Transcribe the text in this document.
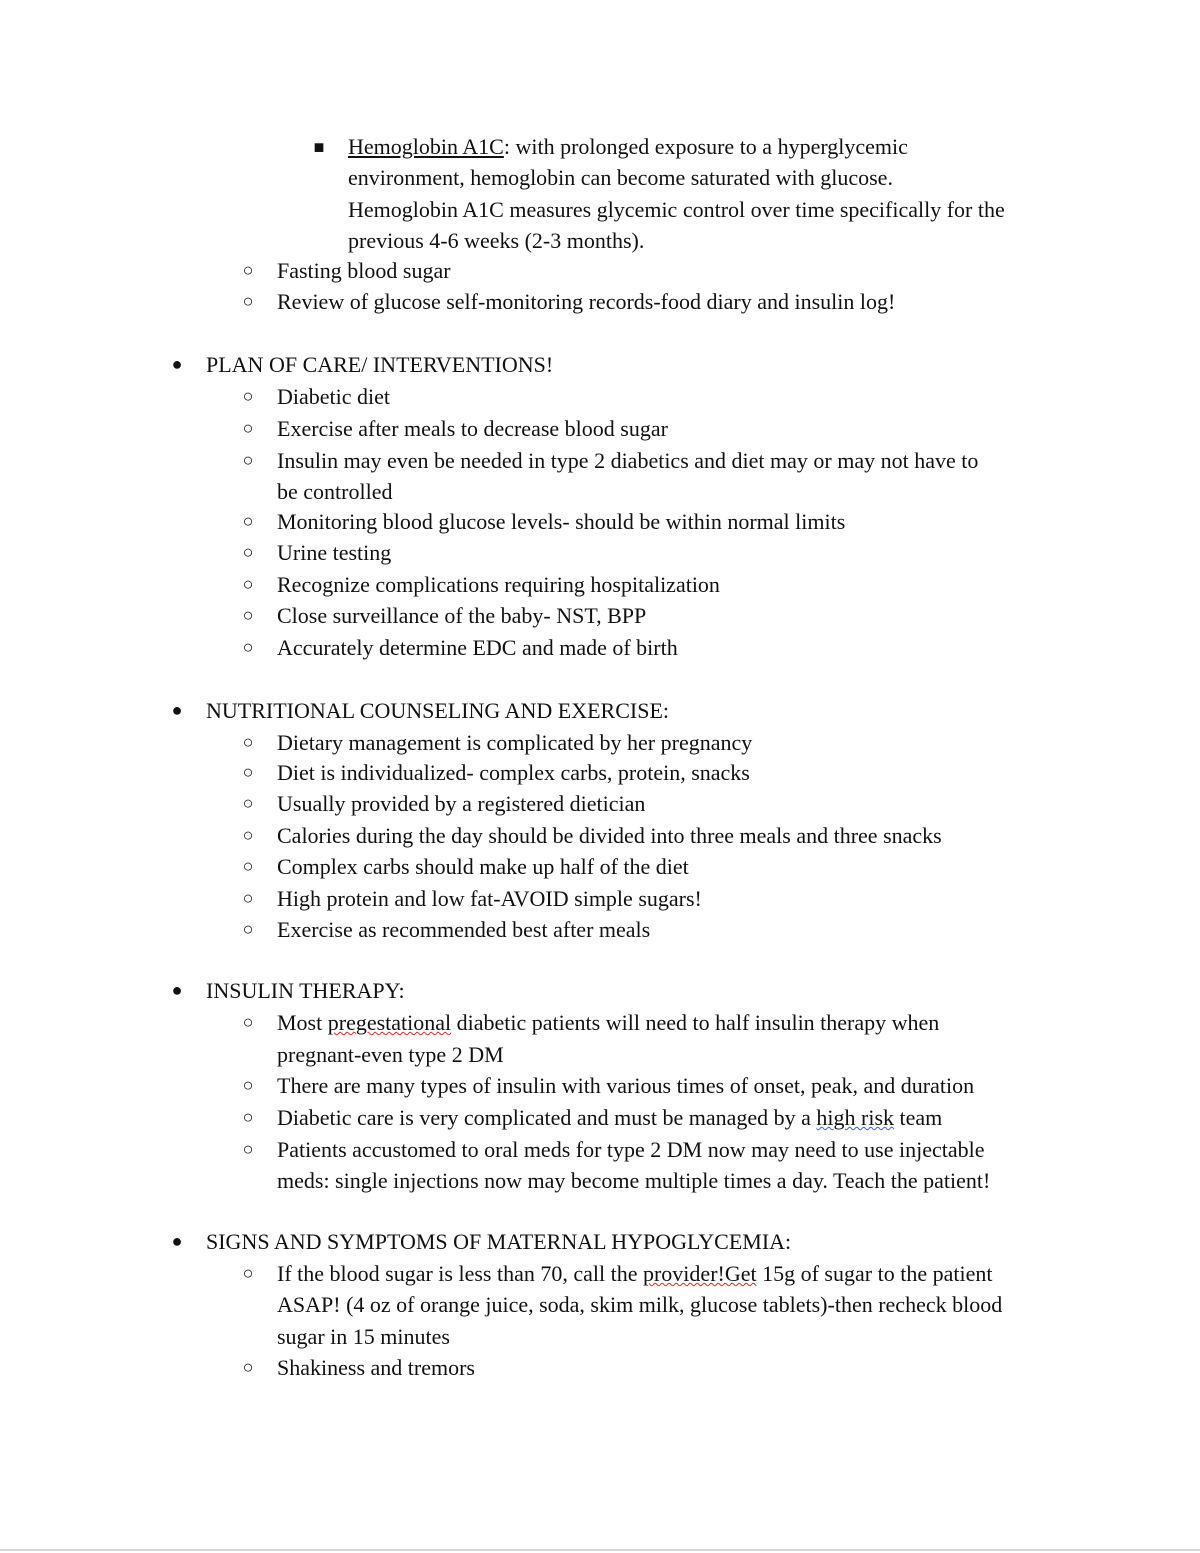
■ Hemoglobin A1C: with prolonged exposure to a hyperglycemic
environment, hemoglobin can become saturated with glucose.
Hemoglobin A1C measures glycemic control over time specifically for the
previous 4-6 weeks (2-3 months).
○ Fasting blood sugar
○ Review of glucose self-monitoring records-food diary and insulin log!
● PLAN OF CARE/ INTERVENTIONS!
○ Diabetic diet
○ Exercise after meals to decrease blood sugar
○ Insulin may even be needed in type 2 diabetics and diet may or may not have to
be controlled
○ Monitoring blood glucose levels- should be within normal limits
○ Urine testing
○ Recognize complications requiring hospitalization
○ Close surveillance of the baby- NST, BPP
○ Accurately determine EDC and made of birth
● NUTRITIONAL COUNSELING AND EXERCISE:
○ Dietary management is complicated by her pregnancy
○ Diet is individualized- complex carbs, protein, snacks
○ Usually provided by a registered dietician
○ Calories during the day should be divided into three meals and three snacks
○ Complex carbs should make up half of the diet
○ High protein and low fat-AVOID simple sugars!
○ Exercise as recommended best after meals
● INSULIN THERAPY:
○ Most pregestational diabetic patients will need to half insulin therapy when
pregnant-even type 2 DM
○ There are many types of insulin with various times of onset, peak, and duration
○ Diabetic care is very complicated and must be managed by a high risk team
○ Patients accustomed to oral meds for type 2 DM now may need to use injectable
meds: single injections now may become multiple times a day. Teach the patient!
● SIGNS AND SYMPTOMS OF MATERNAL HYPOGLYCEMIA:
○ If the blood sugar is less than 70, call the provider!Get 15g of sugar to the patient
ASAP! (4 oz of orange juice, soda, skim milk, glucose tablets)-then recheck blood
sugar in 15 minutes
○ Shakiness and tremors
